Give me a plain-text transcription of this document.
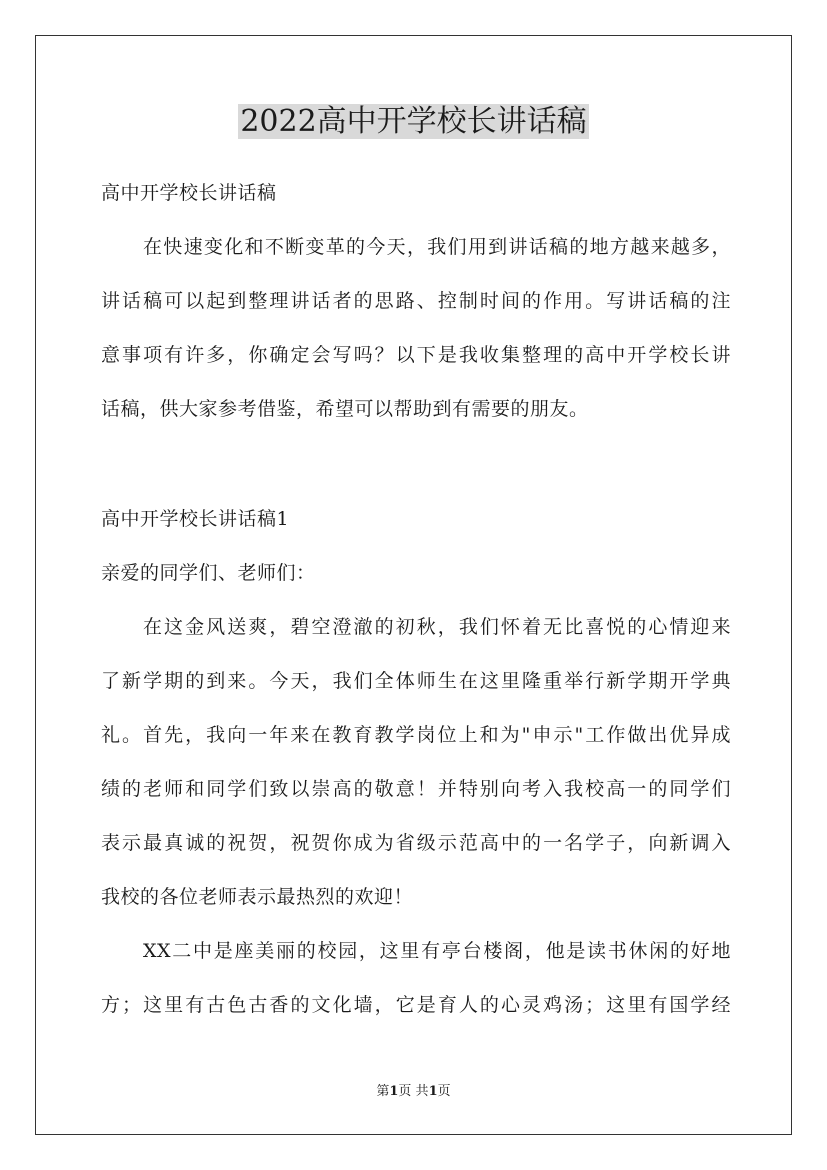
2022高中开学校长讲话稿
高中开学校长讲话稿
在快速变化和不断变革的今天，我们用到讲话稿的地方越来越多，
讲话稿可以起到整理讲话者的思路、控制时间的作用。写讲话稿的注
意事项有许多，你确定会写吗？以下是我收集整理的高中开学校长讲
话稿，供大家参考借鉴，希望可以帮助到有需要的朋友。
高中开学校长讲话稿1
亲爱的同学们、老师们：
在这金风送爽，碧空澄澈的初秋，我们怀着无比喜悦的心情迎来
了新学期的到来。今天，我们全体师生在这里隆重举行新学期开学典
礼。首先，我向一年来在教育教学岗位上和为"申示"工作做出优异成
绩的老师和同学们致以崇高的敬意！并特别向考入我校高一的同学们
表示最真诚的祝贺，祝贺你成为省级示范高中的一名学子，向新调入
我校的各位老师表示最热烈的欢迎！
XX二中是座美丽的校园，这里有亭台楼阁，他是读书休闲的好地
方；这里有古色古香的文化墙，它是育人的心灵鸡汤；这里有国学经
第1页 共1页
